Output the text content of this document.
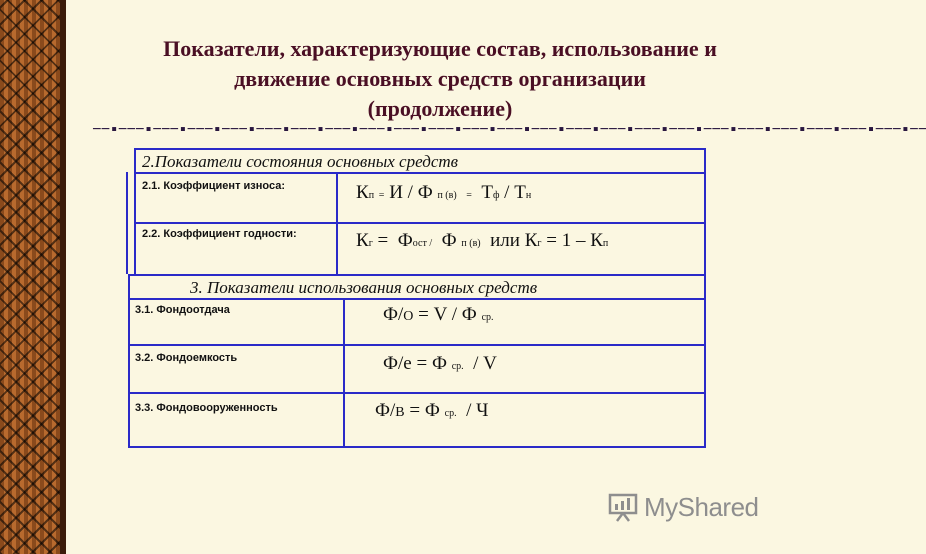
Показатели, характеризующие состав, использование и
движение основных средств организации
(продолжение)
−−▪−−−▪−−−▪−−−▪−−−▪−−−▪−−−▪−−−▪−−−▪−−−▪−−−▪−−−▪−−−▪−−−▪−−−▪−−−▪−−−▪−−−▪−−−▪−−−▪−−−▪−−−▪−−−▪−−−▪−−
2.Показатели состояния основных средств
2.1. Коэффициент износа:	Кп = И / Ф п (в) =  Тф / Тн
2.2. Коэффициент годности:	Кг =  Фост /  Ф п (в)  или Кг = 1 – Кп
3. Показатели использования основных средств
3.1. Фондоотдача	Ф/О = V / Ф ср.
3.2. Фондоемкость	Ф/е = Ф ср.  / V
3.3. Фондовооруженность	Ф/В = Ф ср.  / Ч
MyShared
